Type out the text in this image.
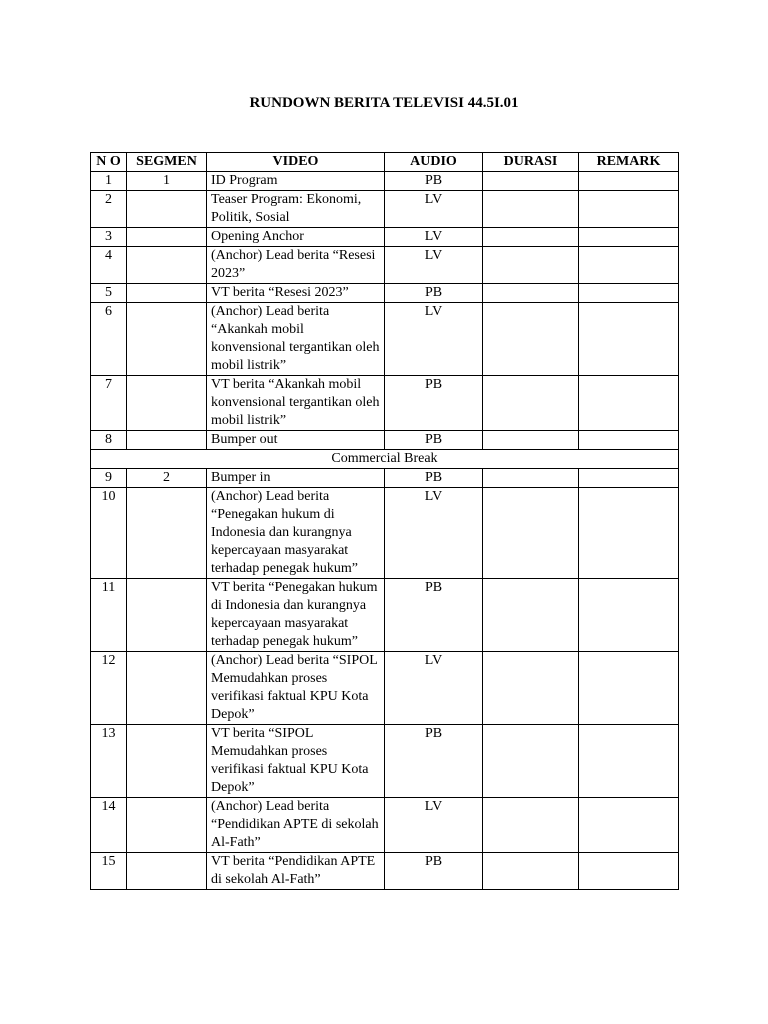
RUNDOWN BERITA TELEVISI 44.5I.01
N O	SEGMEN	VIDEO	AUDIO	DURASI	REMARK
1	1	ID Program	PB		
2		Teaser Program: Ekonomi, Politik, Sosial	LV		
3		Opening Anchor	LV		
4		(Anchor) Lead berita “Resesi 2023”	LV		
5		VT berita “Resesi 2023”	PB		
6		(Anchor) Lead berita “Akankah mobil konvensional tergantikan oleh mobil listrik”	LV		
7		VT berita “Akankah mobil konvensional tergantikan oleh mobil listrik”	PB		
8		Bumper out	PB		
Commercial Break					
9	2	Bumper in	PB		
10		(Anchor) Lead berita “Penegakan hukum di Indonesia dan kurangnya kepercayaan masyarakat terhadap penegak hukum”	LV		
11		VT berita “Penegakan hukum di Indonesia dan kurangnya kepercayaan masyarakat terhadap penegak hukum”	PB		
12		(Anchor) Lead berita “SIPOL Memudahkan proses verifikasi faktual KPU Kota Depok”	LV		
13		VT berita “SIPOL Memudahkan proses verifikasi faktual KPU Kota Depok”	PB		
14		(Anchor) Lead berita “Pendidikan APTE di sekolah Al-Fath”	LV		
15		VT berita “Pendidikan APTE di sekolah Al-Fath”	PB		
